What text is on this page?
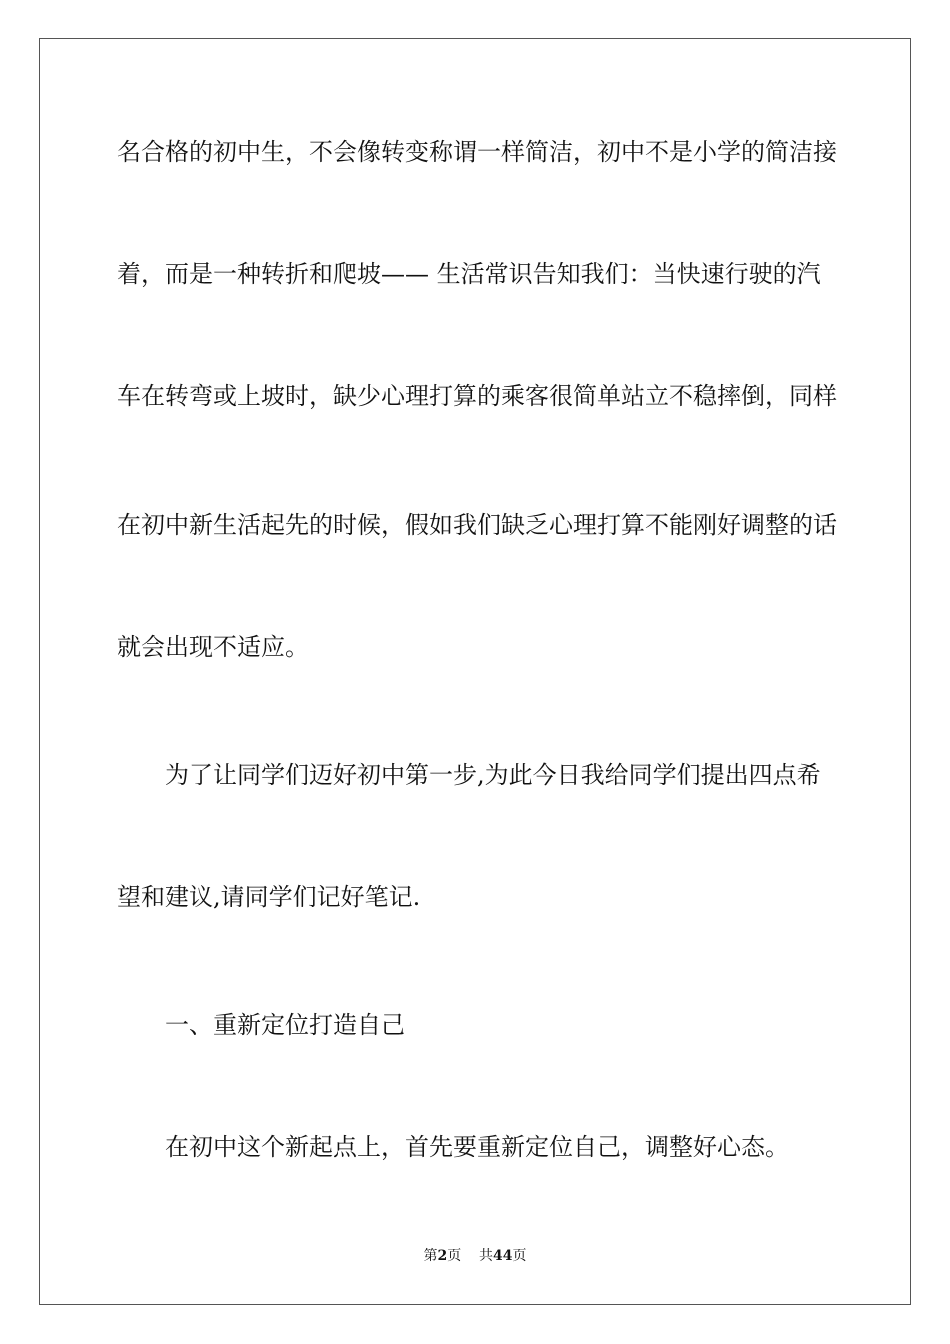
名合格的初中生，不会像转变称谓一样简洁，初中不是小学的简洁接
着，而是一种转折和爬坡—— 生活常识告知我们：当快速行驶的汽
车在转弯或上坡时，缺少心理打算的乘客很简单站立不稳摔倒，同样
在初中新生活起先的时候，假如我们缺乏心理打算不能刚好调整的话
就会出现不适应。
为了让同学们迈好初中第一步,为此今日我给同学们提出四点希
望和建议,请同学们记好笔记.
一、重新定位打造自己
在初中这个新起点上，首先要重新定位自己，调整好心态。
第2页 共44页
